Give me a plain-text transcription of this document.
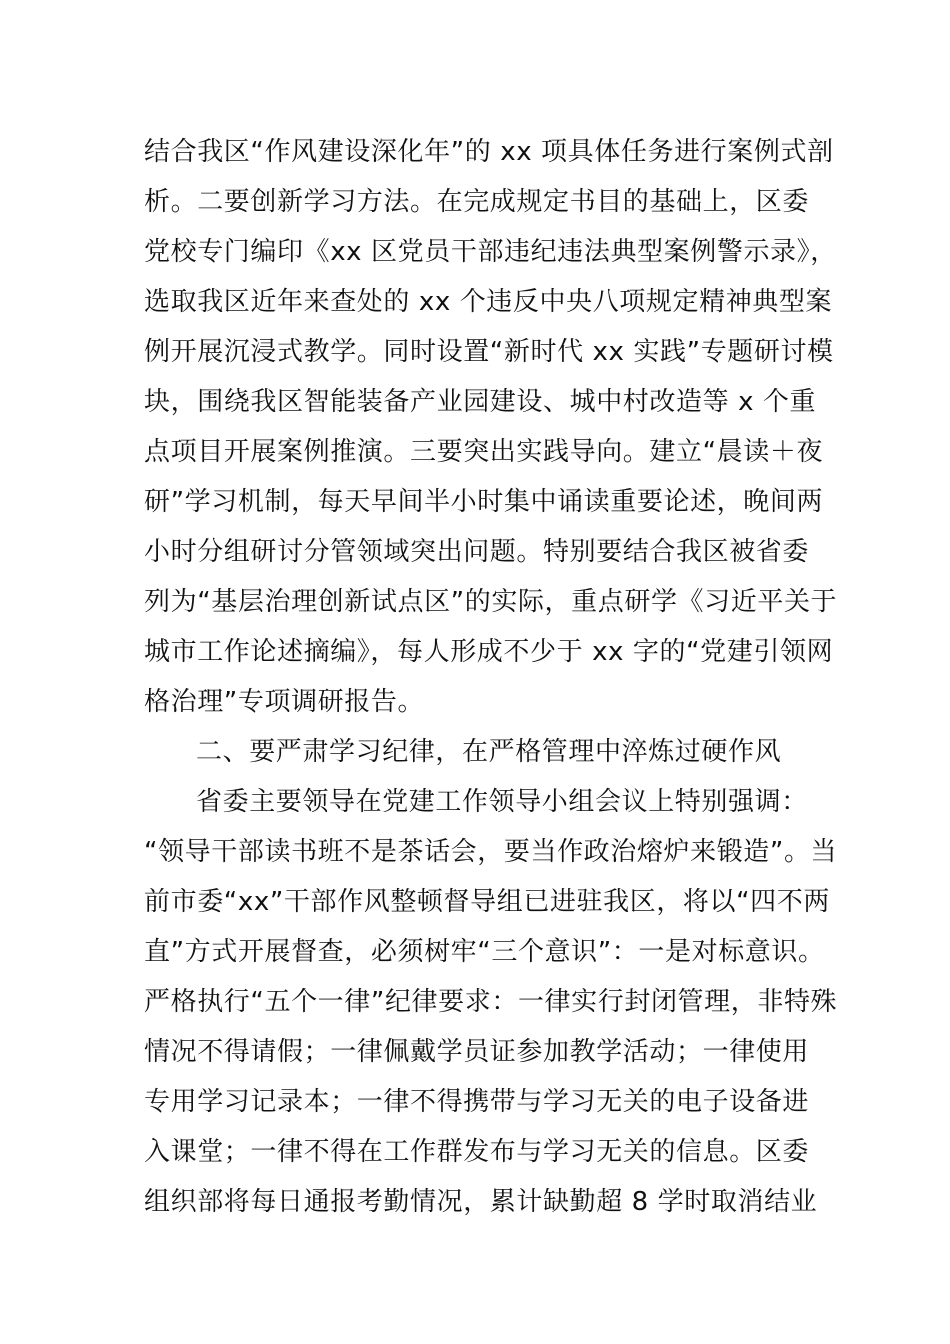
结合我区“作风建设深化年”的 xx 项具体任务进行案例式剖
析。二要创新学习方法。在完成规定书目的基础上，区委
党校专门编印《xx 区党员干部违纪违法典型案例警示录》，
选取我区近年来查处的 xx 个违反中央八项规定精神典型案
例开展沉浸式教学。同时设置“新时代 xx 实践”专题研讨模
块，围绕我区智能装备产业园建设、城中村改造等 x 个重
点项目开展案例推演。三要突出实践导向。建立“晨读＋夜
研”学习机制，每天早间半小时集中诵读重要论述，晚间两
小时分组研讨分管领域突出问题。特别要结合我区被省委
列为“基层治理创新试点区”的实际，重点研学《习近平关于
城市工作论述摘编》，每人形成不少于 xx 字的“党建引领网
格治理”专项调研报告。
二、要严肃学习纪律，在严格管理中淬炼过硬作风
省委主要领导在党建工作领导小组会议上特别强调：
“领导干部读书班不是茶话会，要当作政治熔炉来锻造”。当
前市委“xx”干部作风整顿督导组已进驻我区，将以“四不两
直”方式开展督查，必须树牢“三个意识”：一是对标意识。
严格执行“五个一律”纪律要求：一律实行封闭管理，非特殊
情况不得请假；一律佩戴学员证参加教学活动；一律使用
专用学习记录本；一律不得携带与学习无关的电子设备进
入课堂；一律不得在工作群发布与学习无关的信息。区委
组织部将每日通报考勤情况，累计缺勤超 8 学时取消结业
